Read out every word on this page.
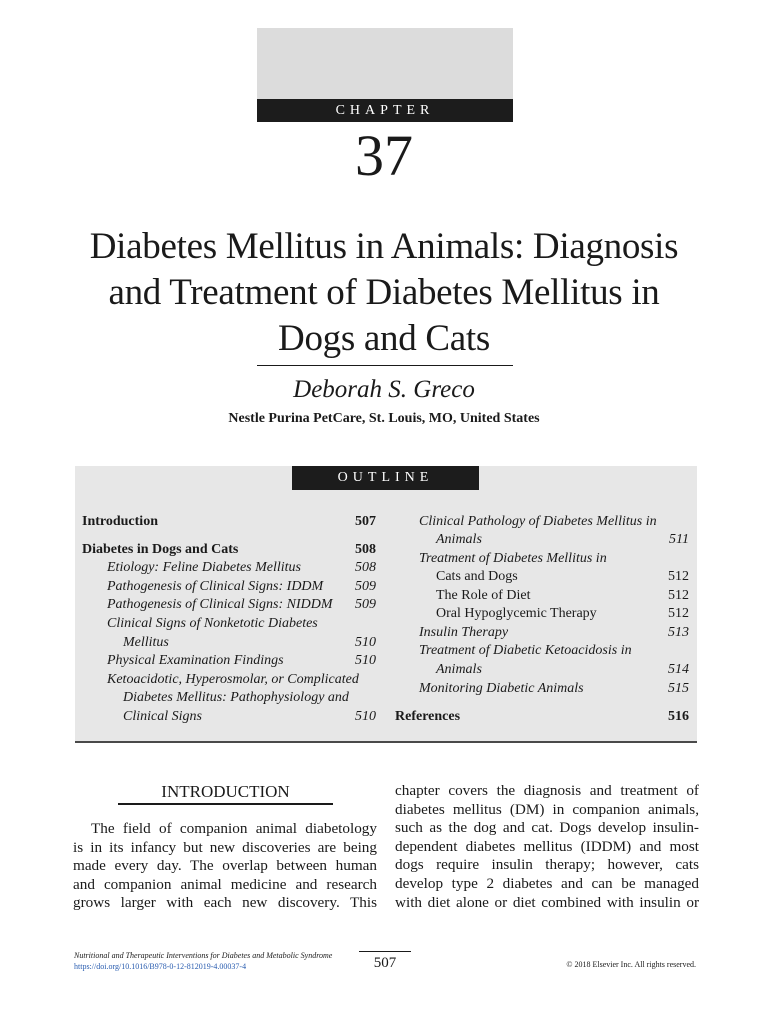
CHAPTER
37
Diabetes Mellitus in Animals: Diagnosis
and Treatment of Diabetes Mellitus in
Dogs and Cats
Deborah S. Greco
Nestle Purina PetCare, St. Louis, MO, United States
OUTLINE
Introduction	507
Diabetes in Dogs and Cats	508
Etiology: Feline Diabetes Mellitus	508
Pathogenesis of Clinical Signs: IDDM	509
Pathogenesis of Clinical Signs: NIDDM	509
Clinical Signs of Nonketotic Diabetes
Mellitus	510
Physical Examination Findings	510
Ketoacidotic, Hyperosmolar, or Complicated
Diabetes Mellitus: Pathophysiology and
Clinical Signs	510
Clinical Pathology of Diabetes Mellitus in
Animals	511
Treatment of Diabetes Mellitus in
Cats and Dogs	512
The Role of Diet	512
Oral Hypoglycemic Therapy	512
Insulin Therapy	513
Treatment of Diabetic Ketoacidosis in
Animals	514
Monitoring Diabetic Animals	515
References	516
INTRODUCTION
The field of companion animal diabetology
is in its infancy but new discoveries are being
made every day. The overlap between human
and companion animal medicine and research
grows larger with each new discovery. This
chapter covers the diagnosis and treatment of
diabetes mellitus (DM) in companion animals,
such as the dog and cat. Dogs develop insulin-
dependent diabetes mellitus (IDDM) and most
dogs require insulin therapy; however, cats
develop type 2 diabetes and can be managed
with diet alone or diet combined with insulin or
Nutritional and Therapeutic Interventions for Diabetes and Metabolic Syndrome
https://doi.org/10.1016/B978-0-12-812019-4.00037-4	507	© 2018 Elsevier Inc. All rights reserved.
